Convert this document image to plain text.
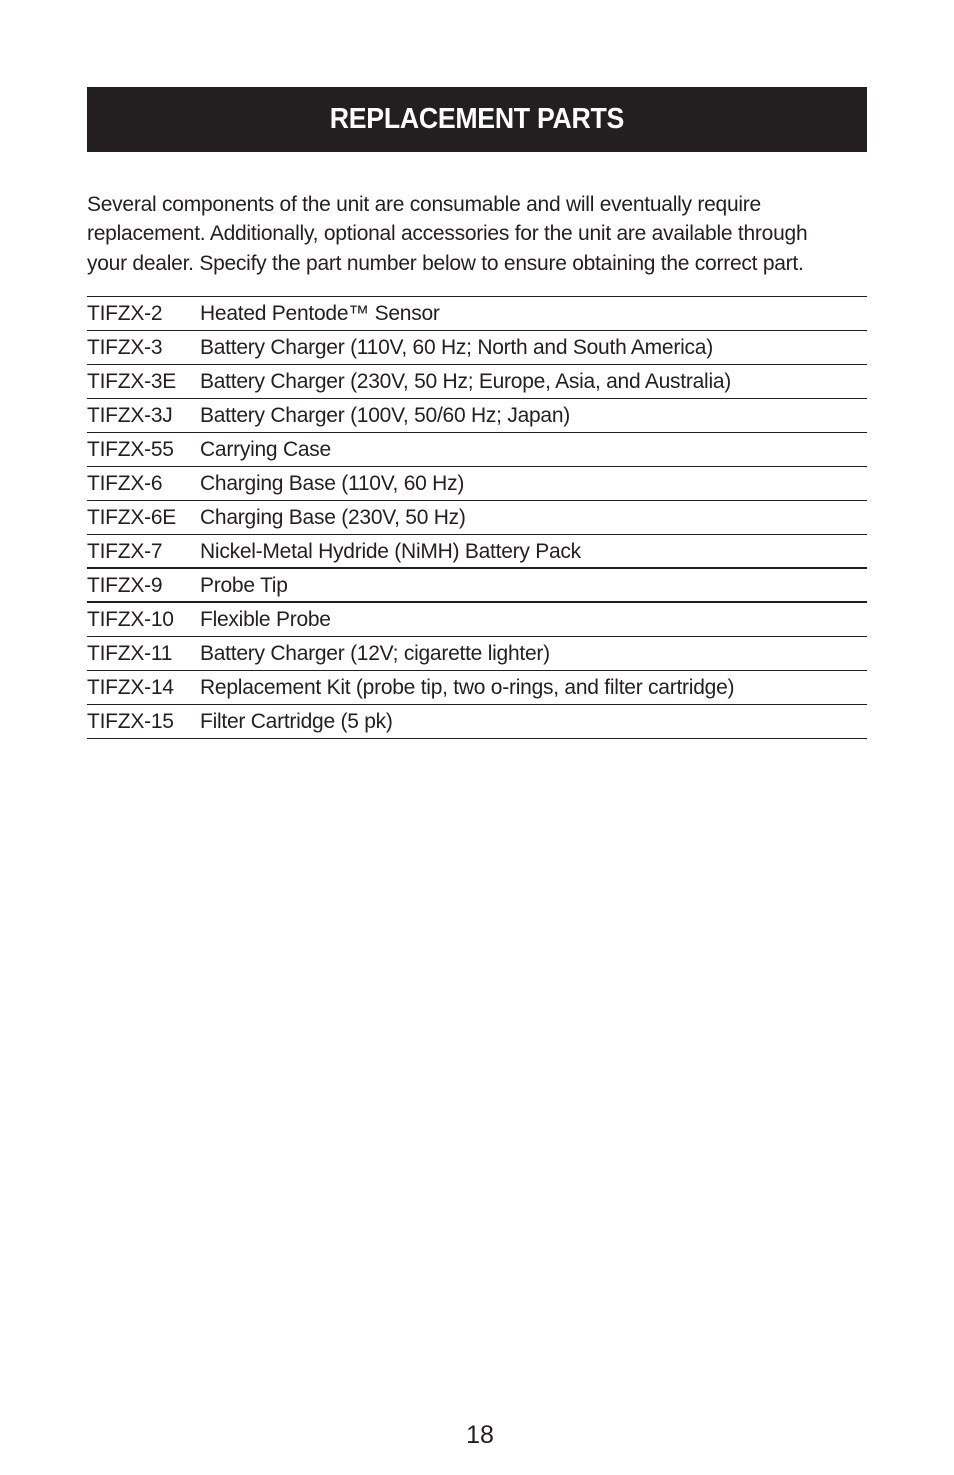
REPLACEMENT PARTS
Several components of the unit are consumable and will eventually require
replacement. Additionally, optional accessories for the unit are available through
your dealer. Specify the part number below to ensure obtaining the correct part.
TIFZX-2	Heated Pentode™ Sensor
TIFZX-3	Battery Charger (110V, 60 Hz; North and South America)
TIFZX-3E	Battery Charger (230V, 50 Hz; Europe, Asia, and Australia)
TIFZX-3J	Battery Charger (100V, 50/60 Hz; Japan)
TIFZX-55	Carrying Case
TIFZX-6	Charging Base (110V, 60 Hz)
TIFZX-6E	Charging Base (230V, 50 Hz)
TIFZX-7	Nickel-Metal Hydride (NiMH) Battery Pack
TIFZX-9	Probe Tip
TIFZX-10	Flexible Probe
TIFZX-11	Battery Charger (12V; cigarette lighter)
TIFZX-14	Replacement Kit (probe tip, two o-rings, and filter cartridge)
TIFZX-15	Filter Cartridge (5 pk)
18
